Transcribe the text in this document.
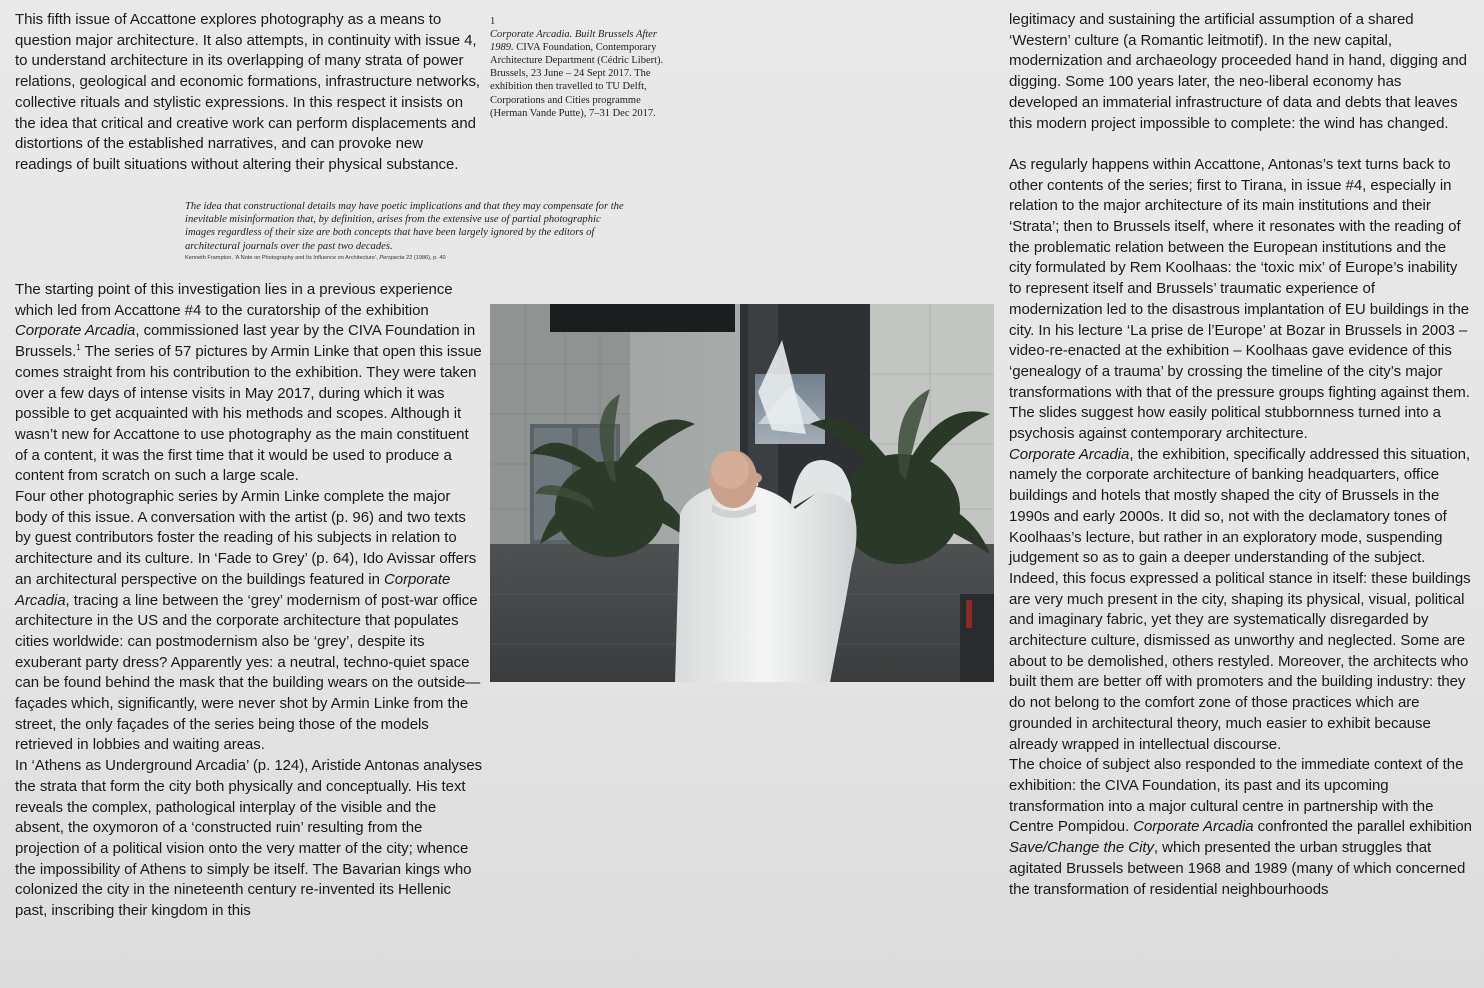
This fifth issue of Accattone explores photography as a means to question major architecture. It also attempts, in continuity with issue 4, to understand architecture in its overlapping of many strata of power relations, geological and economic formations, infrastructure networks, collective rituals and stylistic expressions. In this respect it insists on the idea that critical and creative work can perform displacements and distortions of the established narratives, and can provoke new readings of built situations without altering their physical substance.

1
Corporate Arcadia. Built Brussels After 1989. CIVA Foundation, Contemporary Architecture Department (Cédric Libert). Brussels, 23 June – 24 Sept 2017. The exhibition then travelled to TU Delft, Corporations and Cities programme (Herman Vande Putte), 7–31 Dec 2017.
The idea that constructional details may have poetic implications and that they may compensate for the inevitable misinformation that, by definition, arises from the extensive use of partial photographic images regardless of their size are both concepts that have been largely ignored by the editors of architectural journals over the past two decades.
Kenneth Frampton, ‘A Note on Photography and Its Influence on Architecture’, Perspecta 22 (1986), p. 40

The starting point of this investigation lies in a previous experience which led from Accattone #4 to the curatorship of the exhibition Corporate Arcadia, commissioned last year by the CIVA Foundation in Brussels.$^1$ The series of 57 pictures by Armin Linke that open this issue comes straight from his contribution to the exhibition. They were taken over a few days of intense visits in May 2017, during which it was possible to get acquainted with his methods and scopes. Although it wasn’t new for Accattone to use photography as the main constituent of a content, it was the first time that it would be used to produce a content from scratch on such a large scale.

Four other photographic series by Armin Linke complete the major body of this issue. A conversation with the artist (p. 96) and two texts by guest contributors foster the reading of his subjects in relation to architecture and its culture. In ‘Fade to Grey’ (p. 64), Ido Avissar offers an architectural perspective on the buildings featured in Corporate Arcadia, tracing a line between the ‘grey’ modernism of post-war office architecture in the US and the corporate architecture that populates cities worldwide: can postmodernism also be ‘grey’, despite its exuberant party dress? Apparently yes: a neutral, techno-quiet space can be found behind the mask that the building wears on the outside—façades which, significantly, were never shot by Armin Linke from the street, the only façades of the series being those of the models retrieved in lobbies and waiting areas.

In ‘Athens as Underground Arcadia’ (p. 124), Aristide Antonas analyses the strata that form the city both physically and conceptually. His text reveals the complex, pathological interplay of the visible and the absent, the oxymoron of a ‘constructed ruin’ resulting from the projection of a political vision onto the very matter of the city; whence the impossibility of Athens to simply be itself. The Bavarian kings who colonized the city in the nineteenth century re-invented its Hellenic past, inscribing their kingdom in this

legitimacy and sustaining the artificial assumption of a shared ‘Western’ culture (a Romantic leitmotif). In the new capital, modernization and archaeology proceeded hand in hand, digging and digging. Some 100 years later, the neo-liberal economy has developed an immaterial infrastructure of data and debts that leaves this modern project impossible to complete: the wind has changed.

As regularly happens within Accattone, Antonas’s text turns back to other contents of the series; first to Tirana, in issue #4, especially in relation to the major architecture of its main institutions and their ‘Strata’; then to Brussels itself, where it resonates with the reading of the problematic relation between the European institutions and the city formulated by Rem Koolhaas: the ‘toxic mix’ of Europe’s inability to represent itself and Brussels’ traumatic experience of modernization led to the disastrous implantation of EU buildings in the city. In his lecture ‘La prise de l’Europe’ at Bozar in Brussels in 2003 – video-re-enacted at the exhibition – Koolhaas gave evidence of this ‘genealogy of a trauma’ by crossing the timeline of the city’s major transformations with that of the pressure groups fighting against them. The slides suggest how easily political stubbornness turned into a psychosis against contemporary architecture.

Corporate Arcadia, the exhibition, specifically addressed this situation, namely the corporate architecture of banking headquarters, office buildings and hotels that mostly shaped the city of Brussels in the 1990s and early 2000s. It did so, not with the declamatory tones of Koolhaas’s lecture, but rather in an exploratory mode, suspending judgement so as to gain a deeper understanding of the subject. Indeed, this focus expressed a political stance in itself: these buildings are very much present in the city, shaping its physical, visual, political and imaginary fabric, yet they are systematically disregarded by architecture culture, dismissed as unworthy and neglected. Some are about to be demolished, others restyled. Moreover, the architects who built them are better off with promoters and the building industry: they do not belong to the comfort zone of those practices which are grounded in architectural theory, much easier to exhibit because already wrapped in intellectual discourse.

The choice of subject also responded to the immediate context of the exhibition: the CIVA Foundation, its past and its upcoming transformation into a major cultural centre in partnership with the Centre Pompidou. Corporate Arcadia confronted the parallel exhibition Save/Change the City, which presented the urban struggles that agitated Brussels between 1968 and 1989 (many of which concerned the transformation of residential neighbourhoods
